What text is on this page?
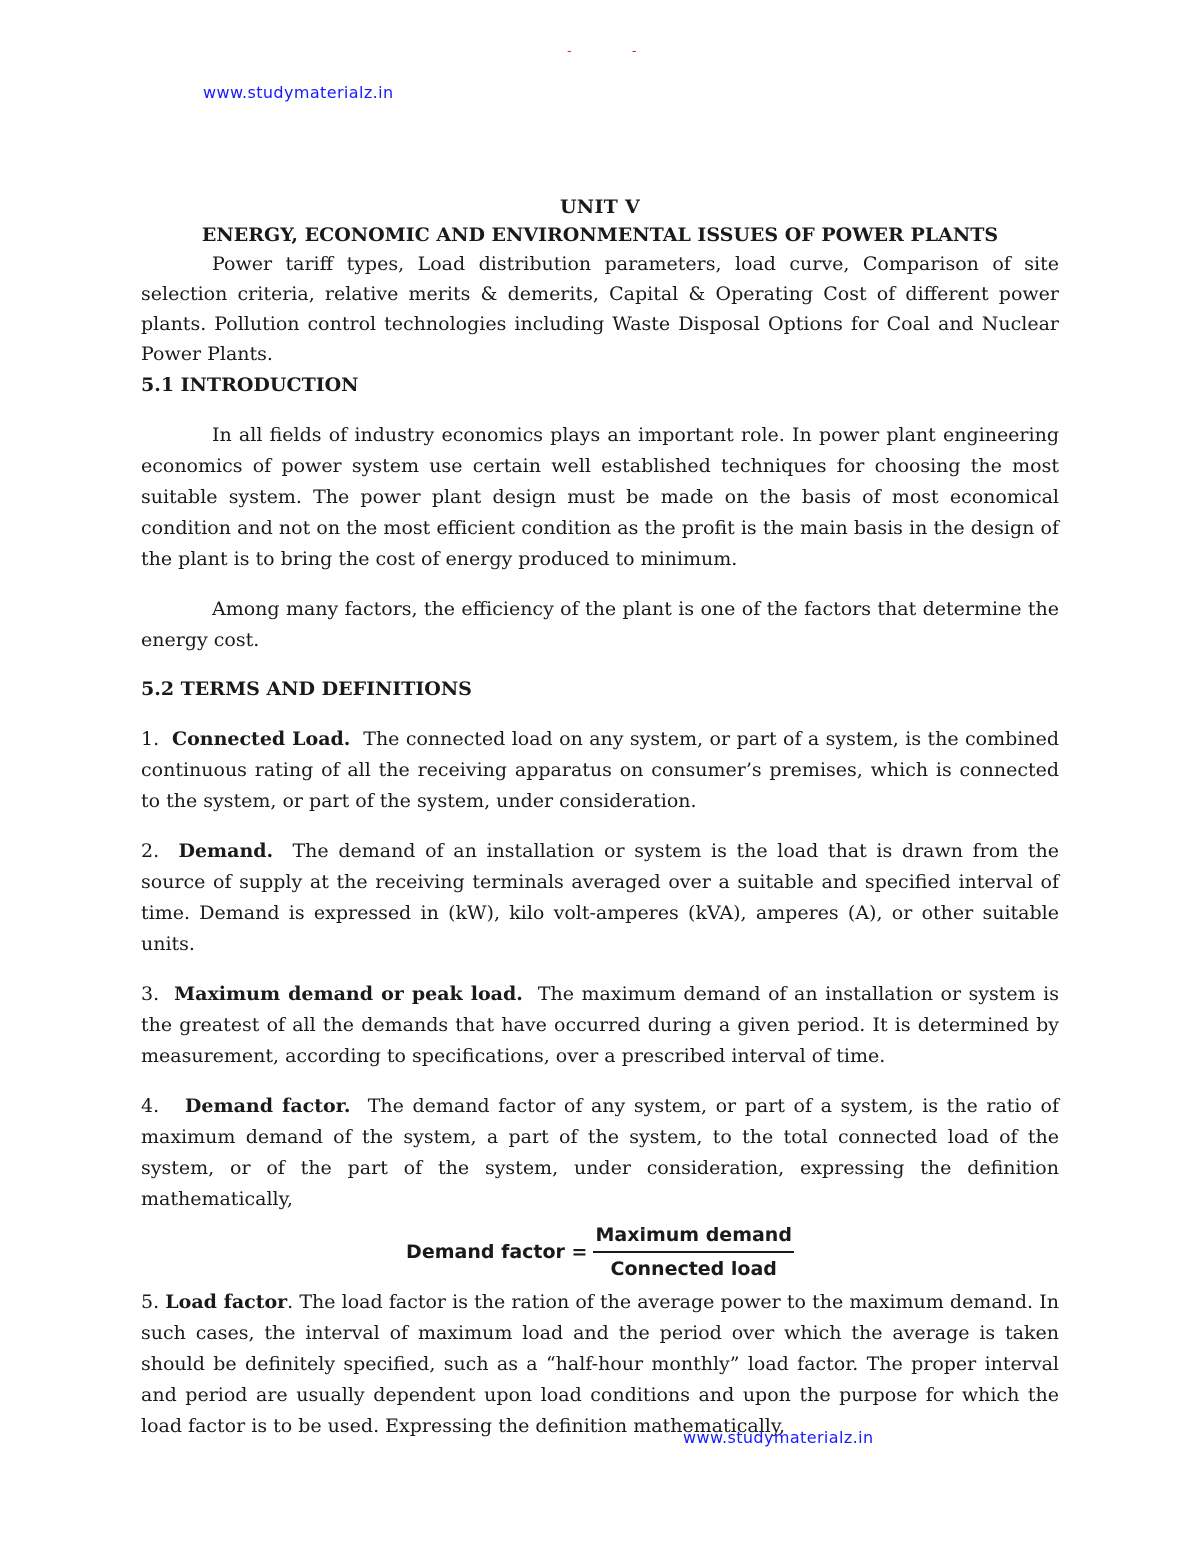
- -
www.studymaterialz.in

UNIT V

ENERGY, ECONOMIC AND ENVIRONMENTAL ISSUES OF POWER PLANTS

Power tariff types, Load distribution parameters, load curve, Comparison of site selection criteria, relative merits & demerits, Capital & Operating Cost of different power plants. Pollution control technologies including Waste Disposal Options for Coal and Nuclear Power Plants.

5.1 INTRODUCTION

In all fields of industry economics plays an important role. In power plant engineering economics of power system use certain well established techniques for choosing the most suitable system. The power plant design must be made on the basis of most economical condition and not on the most efficient condition as the profit is the main basis in the design of the plant is to bring the cost of energy produced to minimum.

Among many factors, the efficiency of the plant is one of the factors that determine the energy cost.

5.2 TERMS AND DEFINITIONS

1. Connected Load. The connected load on any system, or part of a system, is the combined continuous rating of all the receiving apparatus on consumer’s premises, which is connected to the system, or part of the system, under consideration.

2. Demand. The demand of an installation or system is the load that is drawn from the source of supply at the receiving terminals averaged over a suitable and specified interval of time. Demand is expressed in (kW), kilo volt-amperes (kVA), amperes (A), or other suitable units.

3. Maximum demand or peak load. The maximum demand of an installation or system is the greatest of all the demands that have occurred during a given period. It is determined by measurement, according to specifications, over a prescribed interval of time.

4. Demand factor. The demand factor of any system, or part of a system, is the ratio of maximum demand of the system, a part of the system, to the total connected load of the system, or of the part of the system, under consideration, expressing the definition mathematically,

Demand factor = $\frac{\text{Maximum demand}}{\text{Connected load}}$

5. Load factor. The load factor is the ration of the average power to the maximum demand. In such cases, the interval of maximum load and the period over which the average is taken should be definitely specified, such as a “half-hour monthly” load factor. The proper interval and period are usually dependent upon load conditions and upon the purpose for which the load factor is to be used. Expressing the definition mathematically,

www.studymaterialz.in
